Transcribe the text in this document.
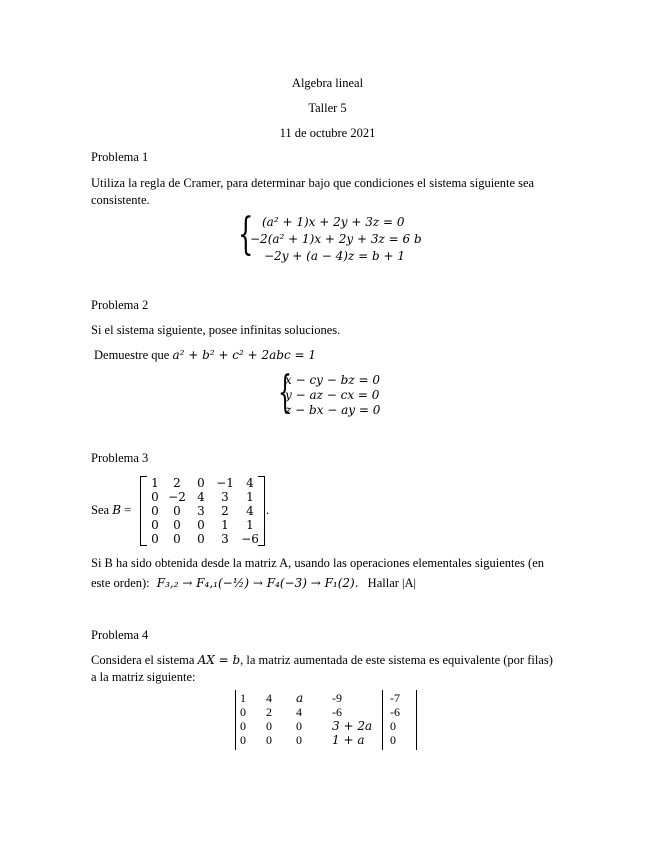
Algebra lineal
Taller 5
11 de octubre 2021
Problema 1
Utiliza la regla de Cramer, para determinar bajo que condiciones el sistema siguiente sea consistente.
{ (a² + 1)x + 2y + 3z = 0
−2(a² + 1)x + 2y + 3z = 6 b
−2y + (a − 4)z = b + 1
Problema 2
Si el sistema siguiente, posee infinitas soluciones.
Demuestre que a² + b² + c² + 2abc = 1
{
x − cy − bz = 0
y − az − cx = 0
z − bx − ay = 0
Problema 3
Sea B =
1	2	0	−1	4
0	−2	4	3	1
0	0	3	2	4
0	0	0	1	1
0	0	0	3	−6
.
Si B ha sido obtenida desde la matriz A, usando las operaciones elementales siguientes (en
este orden): F₃,₂ → F₄,₁(−½) → F₄(−3) → F₁(2). Hallar |A|
Problema 4
Considera el sistema AX = b, la matriz aumentada de este sistema es equivalente (por filas)
a la matriz siguiente:
1	4	a	-9	-7
0	2	4	-6	-6
0	0	0	3 + 2a	0
0	0	0	1 + a	0
